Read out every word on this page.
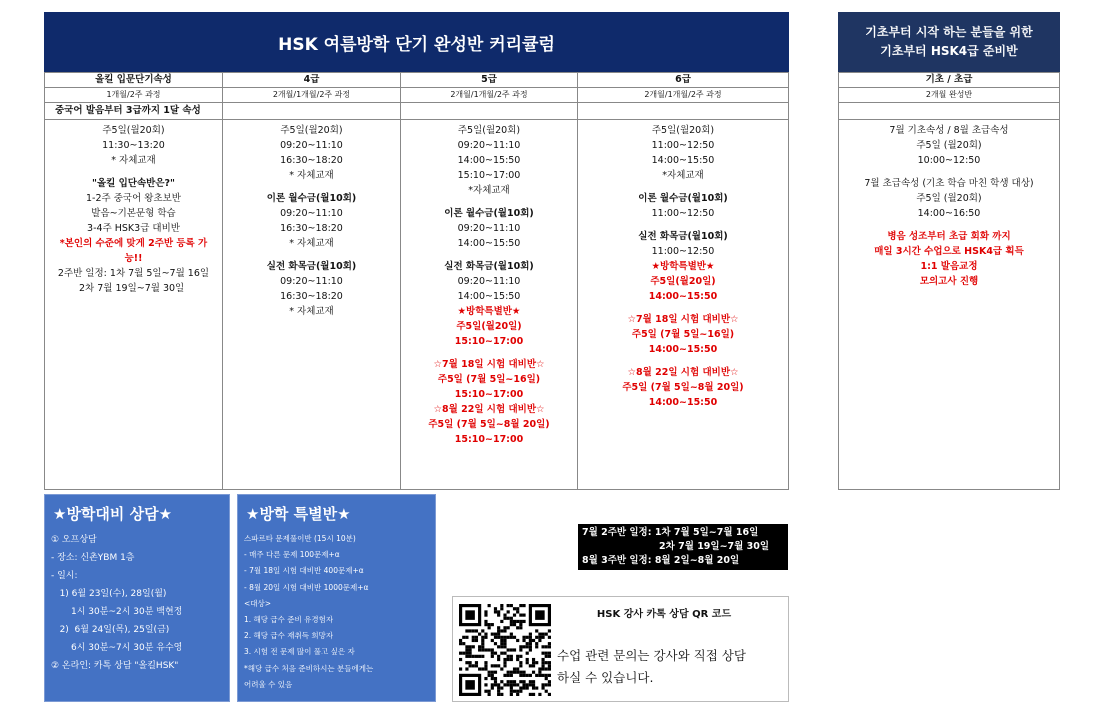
HSK 여름방학 단기 완성반 커리큘럼
올킬 입문단기속성
1개월/2주 과정
중국어 발음부터 3급까지 1달 속성
주5일(월20회)
11:30~13:20
* 자체교재
"올킬 입단속반은?"
1-2주 중국어 왕초보반
발음~기본문형 학습
3-4주 HSK3급 대비반
*본인의 수준에 맞게 2주반 등록 가
능!!
2주반 일정: 1차 7월 5일~7월 16일
2차 7월 19일~7월 30일
4급
2개월/1개월/2주 과정
주5일(월20회)
09:20~11:10
16:30~18:20
* 자체교재
이론 월수금(월10회)
09:20~11:10
16:30~18:20
* 자체교재
실전 화목금(월10회)
09:20~11:10
16:30~18:20
* 자체교재
5급
2개월/1개월/2주 과정
주5일(월20회)
09:20~11:10
14:00~15:50
15:10~17:00
*자체교재
이론 월수금(월10회)
09:20~11:10
14:00~15:50
실전 화목금(월10회)
09:20~11:10
14:00~15:50
★방학특별반★
주5일(월20일)
15:10~17:00
☆7월 18일 시험 대비반☆
주5일 (7월 5일~16일)
15:10~17:00
☆8월 22일 시험 대비반☆
주5일 (7월 5일~8월 20일)
15:10~17:00
6급
2개월/1개월/2주 과정
주5일(월20회)
11:00~12:50
14:00~15:50
*자체교재
이론 월수금(월10회)
11:00~12:50
실전 화목금(월10회)
11:00~12:50
★방학특별반★
주5일(월20일)
14:00~15:50
☆7월 18일 시험 대비반☆
주5일 (7월 5일~16일)
14:00~15:50
☆8월 22일 시험 대비반☆
주5일 (7월 5일~8월 20일)
14:00~15:50
기초부터 시작 하는 분들을 위한
기초부터 HSK4급 준비반
기초 / 초급
2개월 완성반
7월 기초속성 / 8월 초급속성
주5일 (월20회)
10:00~12:50
7월 초급속성 (기초 학습 마친 학생 대상)
주5일 (월20회)
14:00~16:50
병음 성조부터 초급 회화 까지
매일 3시간 수업으로 HSK4급 획득
1:1 발음교정
모의고사 진행
★방학대비 상담★
① 오프상담
- 장소: 신촌YBM 1층
- 일시:
1) 6월 23일(수), 28일(월)
1시 30분~2시 30분 백현정
2)  6월 24일(목), 25일(금)
6시 30분~7시 30분 유수영
② 온라인: 카톡 상담 "올킬HSK"
★방학 특별반★
스파르타 문제풀이반 (15시 10분)
- 매주 다른 문제 100문제+α
- 7월 18일 시험 대비반 400문제+α
- 8월 20일 시험 대비반 1000문제+α
<대상>
1. 해당 급수 준비 유경험자
2. 해당 급수 재취득 희망자
3. 시험 전 문제 많이 풀고 싶은 자
*해당 급수 처음 준비하시는 분들에게는
어려울 수 있음
7월 2주반 일정: 1차 7월 5일~7월 16일
2차 7월 19일~7월 30일
8월 3주반 일정: 8월 2일~8월 20일
HSK 강사 카톡 상담 QR 코드
수업 관련 문의는 강사와 직접 상담
하실 수 있습니다.
